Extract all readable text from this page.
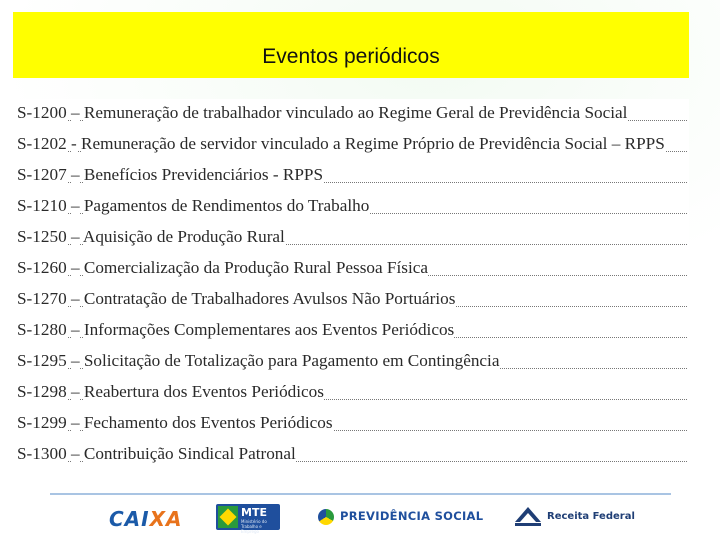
Eventos periódicos
S-1200 – Remuneração de trabalhador vinculado ao Regime Geral de Previdência Social
S-1202 - Remuneração de servidor vinculado a Regime Próprio de Previdência Social – RPPS
S-1207 – Benefícios Previdenciários - RPPS
S-1210 – Pagamentos de Rendimentos do Trabalho
S-1250 – Aquisição de Produção Rural
S-1260 – Comercialização da Produção Rural Pessoa Física
S-1270 – Contratação de Trabalhadores Avulsos Não Portuários
S-1280 – Informações Complementares aos Eventos Periódicos
S-1295 – Solicitação de Totalização para Pagamento em Contingência
S-1298 – Reabertura dos Eventos Periódicos
S-1299 – Fechamento dos Eventos Periódicos
S-1300 – Contribuição Sindical Patronal
CAIXA	MTE
Ministério do Trabalho e Emprego
PREVIDÊNCIA SOCIAL	Receita Federal
